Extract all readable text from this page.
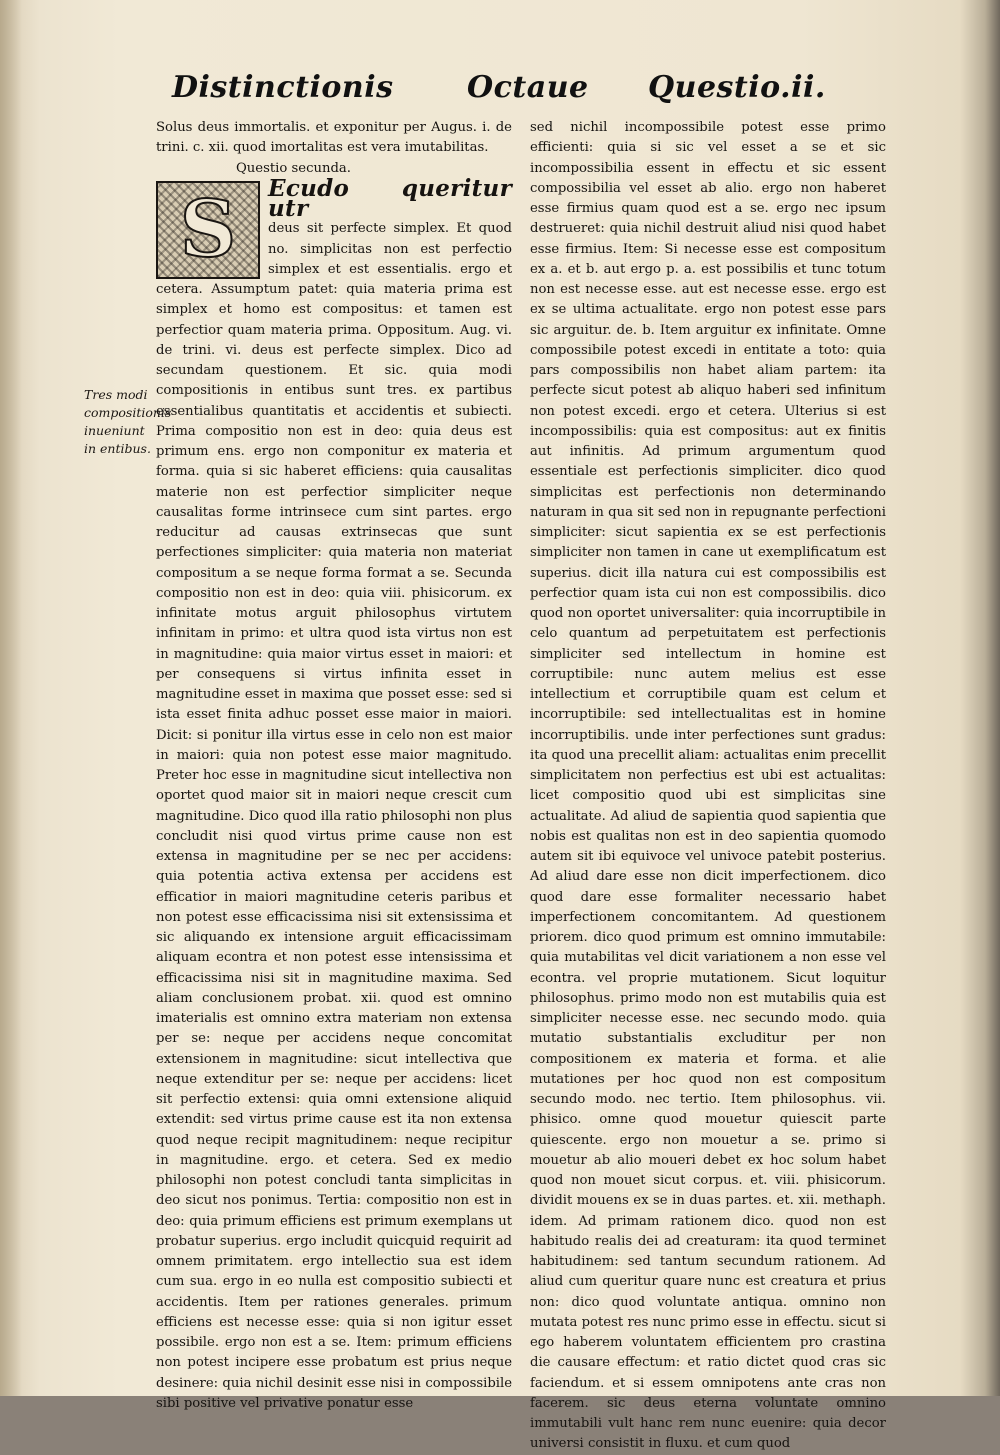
Distinctionis Octaue Questio.ii.
Tres modi compositionis inueniunt in entibus.

Solus deus immortalis. et exponitur per Augus. i. de trini. c. xii. quod imortalitas est vera imutabilitas.

Questio secunda.

S	Ecudo queritur utr

deus sit perfecte simplex. Et quod no. simplicitas non est perfectio simplex et est essentialis. ergo et cetera. Assumptum patet: quia materia prima est simplex et homo est compositus: et tamen est perfectior quam materia prima. Oppositum. Aug. vi. de trini. vi. deus est perfecte simplex. Dico ad secundam questionem. Et sic. quia modi compositionis in entibus sunt tres. ex partibus essentialibus quantitatis et accidentis et subiecti. Prima compositio non est in deo: quia deus est primum ens. ergo non componitur ex materia et forma. quia si sic haberet efficiens: quia causalitas materie non est perfectior simpliciter neque causalitas forme intrinsece cum sint partes. ergo reducitur ad causas extrinsecas que sunt perfectiones simpliciter: quia materia non materiat compositum a se neque forma format a se. Secunda compositio non est in deo: quia viii. phisicorum. ex infinitate motus arguit philosophus virtutem infinitam in primo: et ultra quod ista virtus non est in magnitudine: quia maior virtus esset in maiori: et per consequens si virtus infinita esset in magnitudine esset in maxima que posset esse: sed si ista esset finita adhuc posset esse maior in maiori. Dicit: si ponitur illa virtus esse in celo non est maior in maiori: quia non potest esse maior magnitudo. Preter hoc esse in magnitudine sicut intellectiva non oportet quod maior sit in maiori neque crescit cum magnitudine. Dico quod illa ratio philosophi non plus concludit nisi quod virtus prime cause non est extensa in magnitudine per se nec per accidens: quia potentia activa extensa per accidens est efficatior in maiori magnitudine ceteris paribus et non potest esse efficacissima nisi sit extensissima et sic aliquando ex intensione arguit efficacissimam aliquam econtra et non potest esse intensissima et efficacissima nisi sit in magnitudine maxima. Sed aliam conclusionem probat. xii. quod est omnino imaterialis est omnino extra materiam non extensa per se: neque per accidens neque concomitat extensionem in magnitudine: sicut intellectiva que neque extenditur per se: neque per accidens: licet sit perfectio extensi: quia omni extensione aliquid extendit: sed virtus prime cause est ita non extensa quod neque recipit magnitudinem: neque recipitur in magnitudine. ergo. et cetera. Sed ex medio philosophi non potest concludi tanta simplicitas in deo sicut nos ponimus. Tertia: compositio non est in deo: quia primum efficiens est primum exemplans ut probatur superius. ergo includit quicquid requirit ad omnem primitatem. ergo intellectio sua est idem cum sua. ergo in eo nulla est compositio subiecti et accidentis. Item per rationes generales. primum efficiens est necesse esse: quia si non igitur esset possibile. ergo non est a se. Item: primum efficiens non potest incipere esse probatum est prius neque desinere: quia nichil desinit esse nisi in compossibile sibi positive vel privative ponatur esse

sed nichil incompossibile potest esse primo efficienti: quia si sic vel esset a se et sic incompossibilia essent in effectu et sic essent compossibilia vel esset ab alio. ergo non haberet esse firmius quam quod est a se. ergo nec ipsum destrueret: quia nichil destruit aliud nisi quod habet esse firmius. Item: Si necesse esse est compositum ex a. et b. aut ergo p. a. est possibilis et tunc totum non est necesse esse. aut est necesse esse. ergo est ex se ultima actualitate. ergo non potest esse pars sic arguitur. de. b. Item arguitur ex infinitate. Omne compossibile potest excedi in entitate a toto: quia pars compossibilis non habet aliam partem: ita perfecte sicut potest ab aliquo haberi sed infinitum non potest excedi. ergo et cetera. Ulterius si est incompossibilis: quia est compositus: aut ex finitis aut infinitis. Ad primum argumentum quod essentiale est perfectionis simpliciter. dico quod simplicitas est perfectionis non determinando naturam in qua sit sed non in repugnante perfectioni simpliciter: sicut sapientia ex se est perfectionis simpliciter non tamen in cane ut exemplificatum est superius. dicit illa natura cui est compossibilis est perfectior quam ista cui non est compossibilis. dico quod non oportet universaliter: quia incorruptibile in celo quantum ad perpetuitatem est perfectionis simpliciter sed intellectum in homine est corruptibile: nunc autem melius est esse intellectium et corruptibile quam est celum et incorruptibile: sed intellectualitas est in homine incorruptibilis. unde inter perfectiones sunt gradus: ita quod una precellit aliam: actualitas enim precellit simplicitatem non perfectius est ubi est actualitas: licet compositio quod ubi est simplicitas sine actualitate. Ad aliud de sapientia quod sapientia que nobis est qualitas non est in deo sapientia quomodo autem sit ibi equivoce vel univoce patebit posterius. Ad aliud dare esse non dicit imperfectionem. dico quod dare esse formaliter necessario habet imperfectionem concomitantem. Ad questionem priorem. dico quod primum est omnino immutabile: quia mutabilitas vel dicit variationem a non esse vel econtra. vel proprie mutationem. Sicut loquitur philosophus. primo modo non est mutabilis quia est simpliciter necesse esse. nec secundo modo. quia mutatio substantialis excluditur per non compositionem ex materia et forma. et alie mutationes per hoc quod non est compositum secundo modo. nec tertio. Item philosophus. vii. phisico. omne quod mouetur quiescit parte quiescente. ergo non mouetur a se. primo si mouetur ab alio moueri debet ex hoc solum habet quod non mouet sicut corpus. et. viii. phisicorum. dividit mouens ex se in duas partes. et. xii. methaph. idem. Ad primam rationem dico. quod non est habitudo realis dei ad creaturam: ita quod terminet habitudinem: sed tantum secundum rationem. Ad aliud cum queritur quare nunc est creatura et prius non: dico quod voluntate antiqua. omnino non mutata potest res nunc primo esse in effectu. sicut si ego haberem voluntatem efficientem pro crastina die causare effectum: et ratio dictet quod cras sic faciendum. et si essem omnipotens ante cras non facerem. sic deus eterna voluntate omnino immutabili vult hanc rem nunc euenire: quia decor universi consistit in fluxu. et cum quod
